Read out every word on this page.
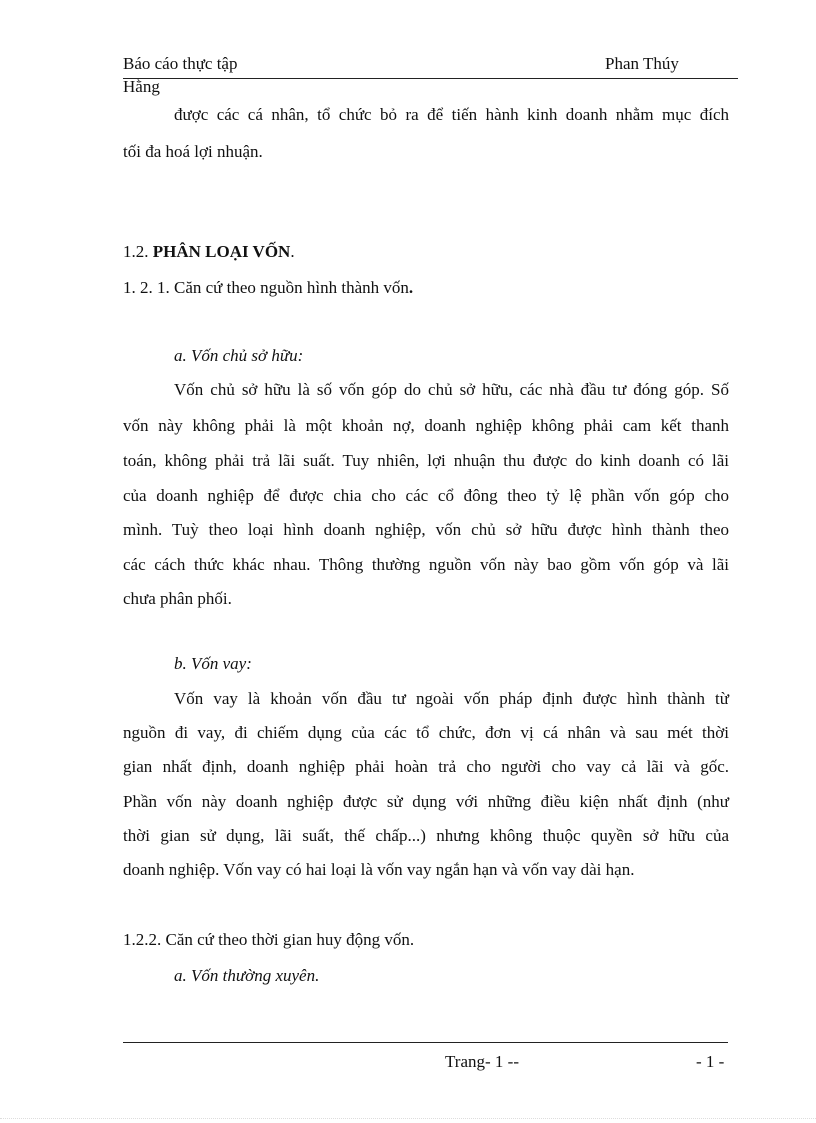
Báo cáo thực tập	Phan Thúy
Hằng
được các cá nhân, tổ chức bỏ ra để tiến hành kinh doanh nhằm mục đích
tối đa hoá lợi nhuận.
1.2. PHÂN LOẠI VỐN.
1. 2. 1. Căn cứ theo nguồn hình thành vốn.
a. Vốn chủ sở hữu:
Vốn chủ sở hữu là số vốn góp do chủ sở hữu, các nhà đầu tư đóng góp. Số
vốn này không phải là một khoản nợ, doanh nghiệp không phải cam kết thanh
toán, không phải trả lãi suất. Tuy nhiên, lợi nhuận thu được do kinh doanh có lãi
của doanh nghiệp để được chia cho các cổ đông theo tỷ lệ phần vốn góp cho
mình. Tuỳ theo loại hình doanh nghiệp, vốn chủ sở hữu được hình thành theo
các cách thức khác nhau. Thông thường nguồn vốn này bao gồm vốn góp và lãi
chưa phân phối.
b. Vốn vay:
Vốn vay là khoản vốn đầu tư ngoài vốn pháp định được hình thành từ
nguồn đi vay, đi chiếm dụng của các tổ chức, đơn vị cá nhân và sau mét thời
gian nhất định, doanh nghiệp phải hoàn trả cho người cho vay cả lãi và gốc.
Phần vốn này doanh nghiệp được sử dụng với những điều kiện nhất định (như
thời gian sử dụng, lãi suất, thế chấp...) nhưng không thuộc quyền sở hữu của
doanh nghiệp. Vốn vay có hai loại là vốn vay ngắn hạn và vốn vay dài hạn.
1.2.2. Căn cứ theo thời gian huy động vốn.
a. Vốn thường xuyên.
Trang- 1 --	- 1 -
